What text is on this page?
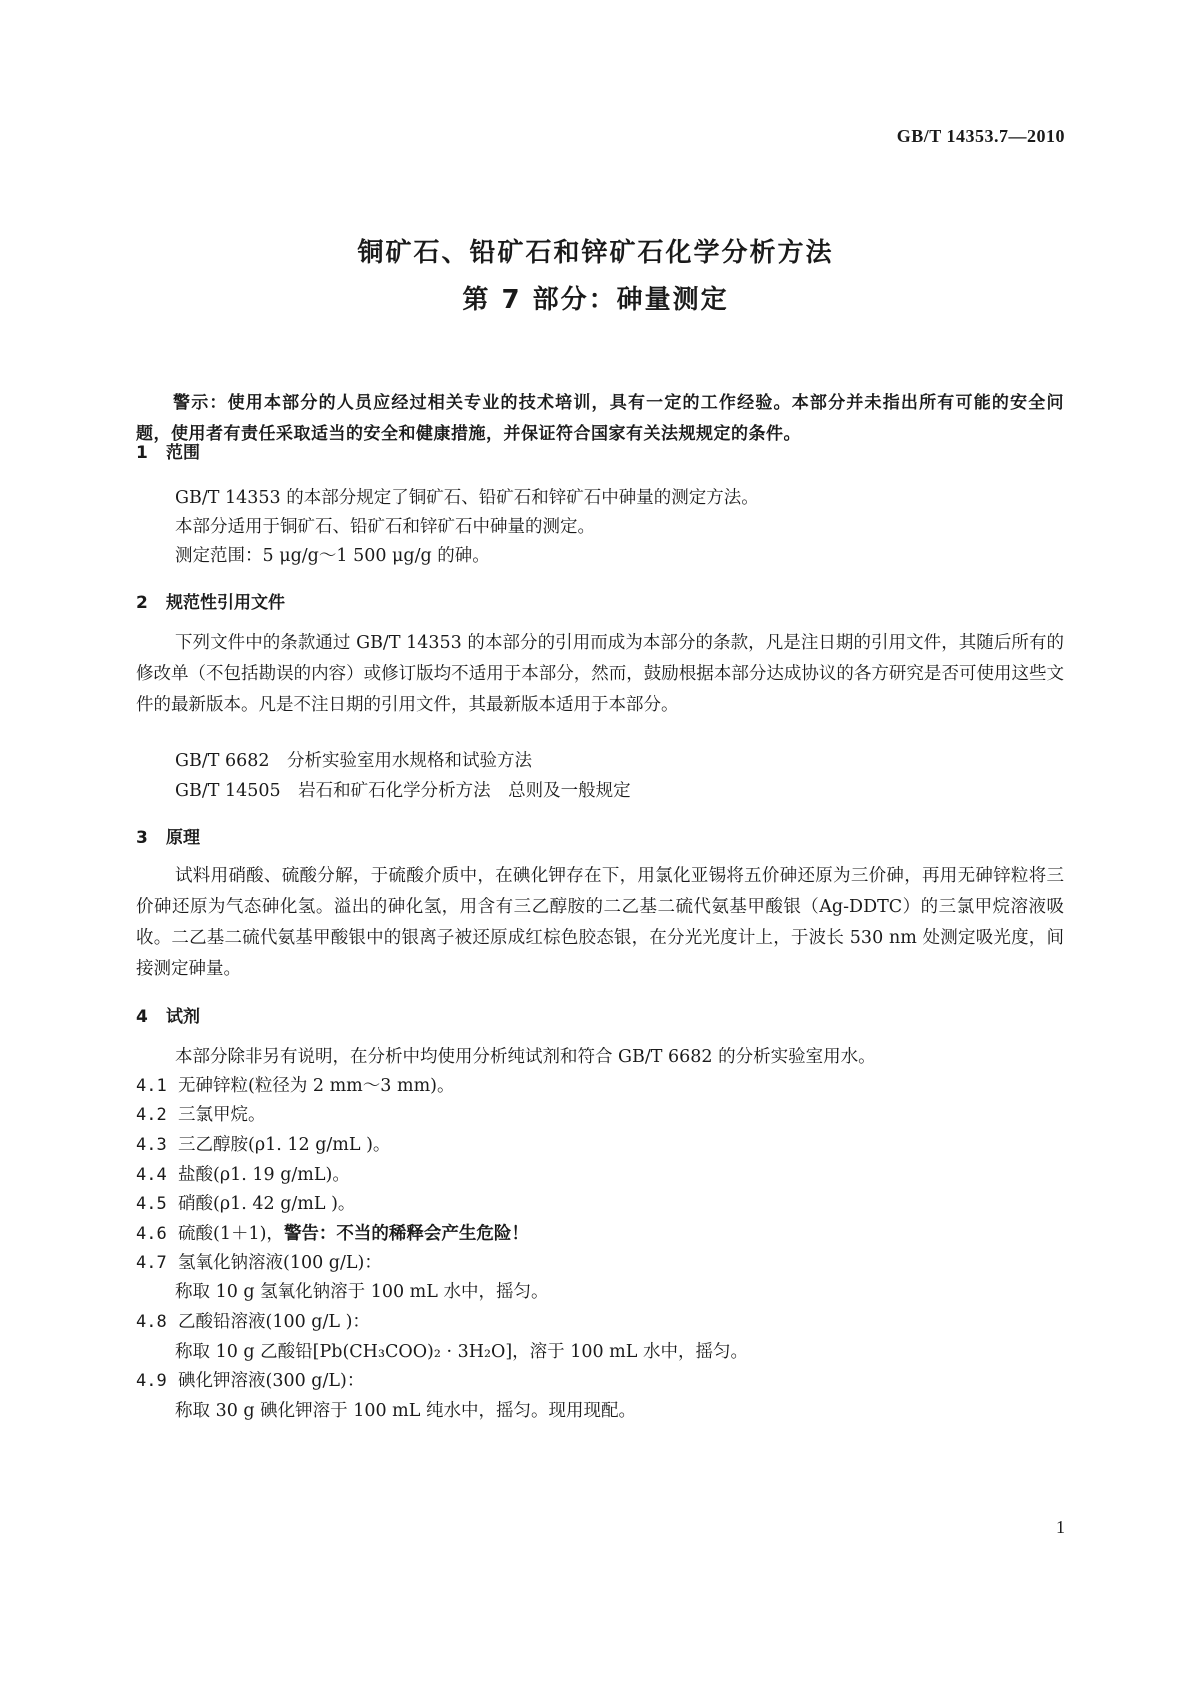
GB/T 14353.7—2010
铜矿石、铅矿石和锌矿石化学分析方法
第 7 部分：砷量测定
警示：使用本部分的人员应经过相关专业的技术培训，具有一定的工作经验。本部分并未指出所有可能的安全问题，使用者有责任采取适当的安全和健康措施，并保证符合国家有关法规规定的条件。
1 范围
GB/T 14353 的本部分规定了铜矿石、铅矿石和锌矿石中砷量的测定方法。
本部分适用于铜矿石、铅矿石和锌矿石中砷量的测定。
测定范围：5 μg/g～1 500 μg/g 的砷。
2 规范性引用文件
下列文件中的条款通过 GB/T 14353 的本部分的引用而成为本部分的条款，凡是注日期的引用文件，其随后所有的修改单（不包括勘误的内容）或修订版均不适用于本部分，然而，鼓励根据本部分达成协议的各方研究是否可使用这些文件的最新版本。凡是不注日期的引用文件，其最新版本适用于本部分。
GB/T 6682　分析实验室用水规格和试验方法
GB/T 14505　岩石和矿石化学分析方法　总则及一般规定
3 原理
试料用硝酸、硫酸分解，于硫酸介质中，在碘化钾存在下，用氯化亚锡将五价砷还原为三价砷，再用无砷锌粒将三价砷还原为气态砷化氢。溢出的砷化氢，用含有三乙醇胺的二乙基二硫代氨基甲酸银（Ag-DDTC）的三氯甲烷溶液吸收。二乙基二硫代氨基甲酸银中的银离子被还原成红棕色胶态银，在分光光度计上，于波长 530 nm 处测定吸光度，间接测定砷量。
4 试剂
本部分除非另有说明，在分析中均使用分析纯试剂和符合 GB/T 6682 的分析实验室用水。
4.1 无砷锌粒(粒径为 2 mm～3 mm)。
4.2 三氯甲烷。
4.3 三乙醇胺(ρ1. 12 g/mL )。
4.4 盐酸(ρ1. 19 g/mL)。
4.5 硝酸(ρ1. 42 g/mL )。
4.6 硫酸(1＋1)，警告：不当的稀释会产生危险！
4.7 氢氧化钠溶液(100 g/L)：
称取 10 g 氢氧化钠溶于 100 mL 水中，摇匀。
4.8 乙酸铅溶液(100 g/L )：
称取 10 g 乙酸铅[Pb(CH₃COO)₂ · 3H₂O]，溶于 100 mL 水中，摇匀。
4.9 碘化钾溶液(300 g/L)：
称取 30 g 碘化钾溶于 100 mL 纯水中，摇匀。现用现配。
1
